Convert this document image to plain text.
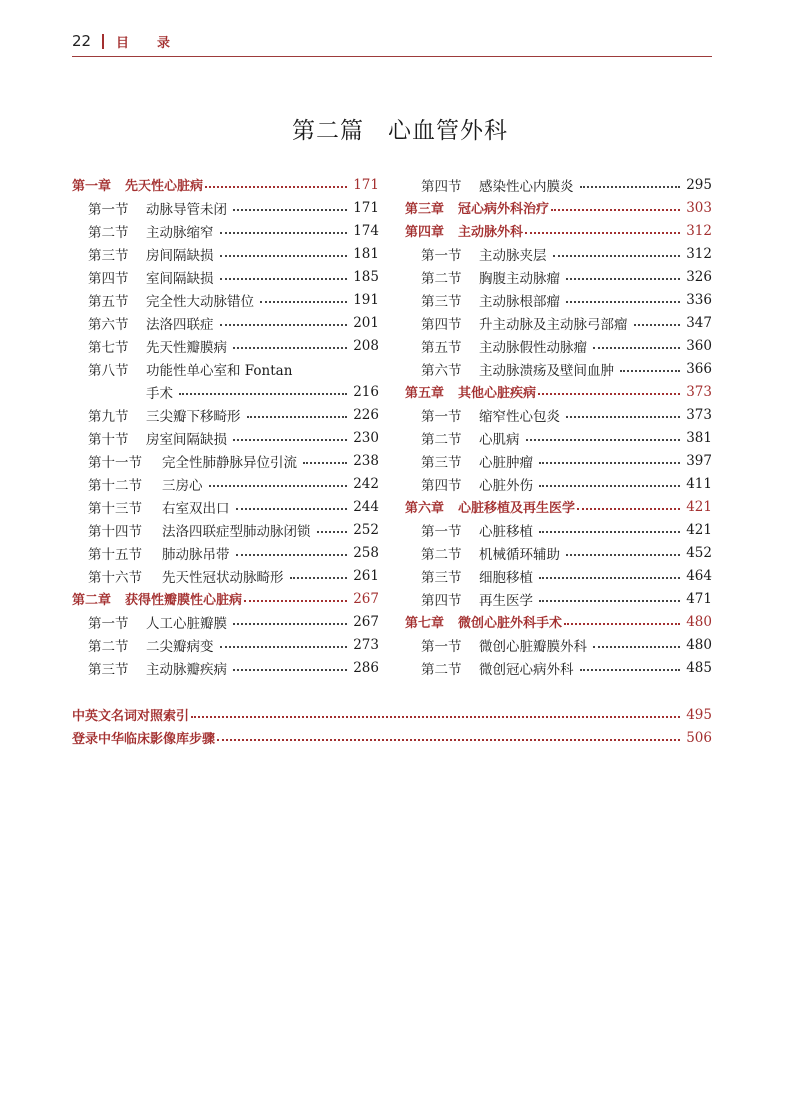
22 目录
第二篇　心血管外科
第一章 先天性心脏病	171
第一节 动脉导管未闭	171
第二节 主动脉缩窄	174
第三节 房间隔缺损	181
第四节 室间隔缺损	185
第五节 完全性大动脉错位	191
第六节 法洛四联症	201
第七节 先天性瓣膜病	208
第八节 功能性单心室和 Fontan
手术	216
第九节 三尖瓣下移畸形	226
第十节 房室间隔缺损	230
第十一节 完全性肺静脉异位引流	238
第十二节 三房心	242
第十三节 右室双出口	244
第十四节 法洛四联症型肺动脉闭锁	252
第十五节 肺动脉吊带	258
第十六节 先天性冠状动脉畸形	261
第二章 获得性瓣膜性心脏病	267
第一节 人工心脏瓣膜	267
第二节 二尖瓣病变	273
第三节 主动脉瓣疾病	286
第四节 感染性心内膜炎	295
第三章 冠心病外科治疗	303
第四章 主动脉外科	312
第一节 主动脉夹层	312
第二节 胸腹主动脉瘤	326
第三节 主动脉根部瘤	336
第四节 升主动脉及主动脉弓部瘤	347
第五节 主动脉假性动脉瘤	360
第六节 主动脉溃疡及壁间血肿	366
第五章 其他心脏疾病	373
第一节 缩窄性心包炎	373
第二节 心肌病	381
第三节 心脏肿瘤	397
第四节 心脏外伤	411
第六章 心脏移植及再生医学	421
第一节 心脏移植	421
第二节 机械循环辅助	452
第三节 细胞移植	464
第四节 再生医学	471
第七章 微创心脏外科手术	480
第一节 微创心脏瓣膜外科	480
第二节 微创冠心病外科	485
中英文名词对照索引	495
登录中华临床影像库步骤	506
